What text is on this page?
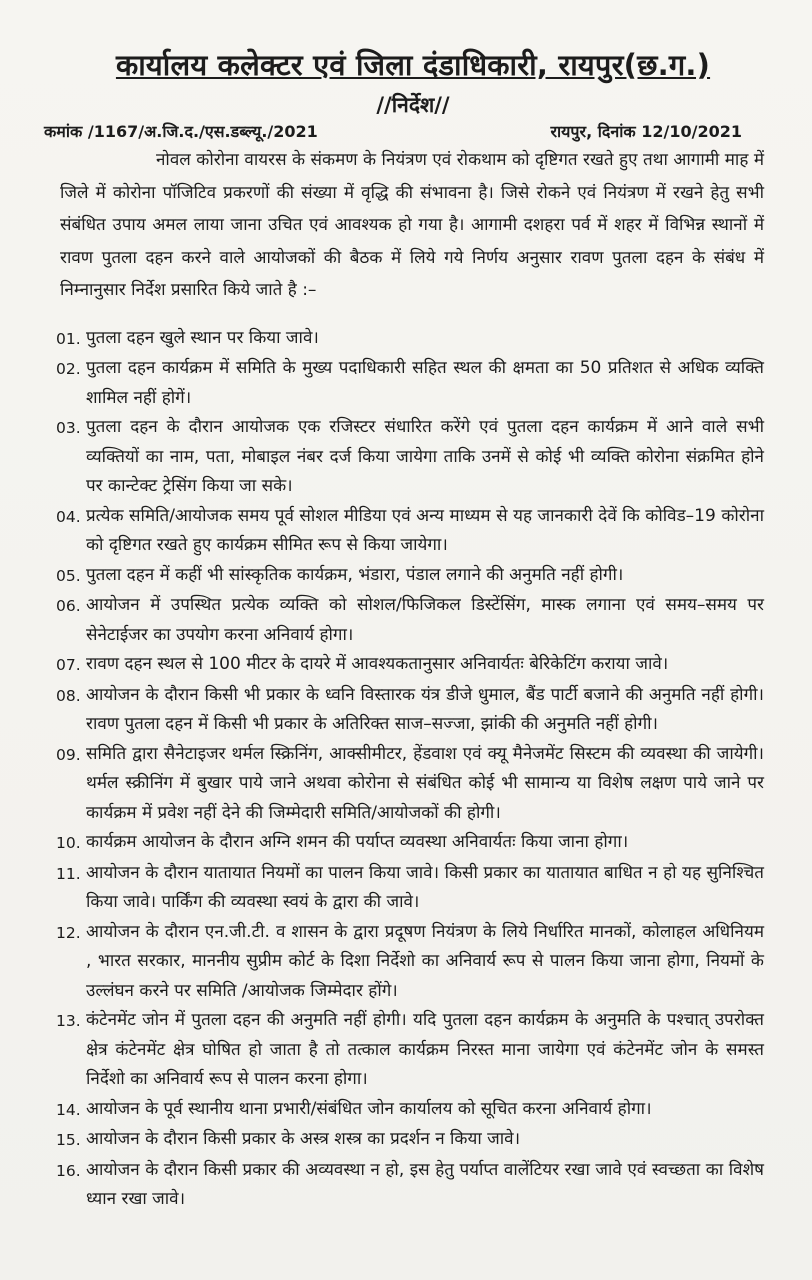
कार्यालय कलेक्टर एवं जिला दंडाधिकारी, रायपुर(छ.ग.)
//निर्देश//
कमांक /1167/अ.जि.द./एस.डब्ल्यू./2021	रायपुर, दिनांक 12/10/2021

नोवल कोरोना वायरस के संकमण के नियंत्रण एवं रोकथाम को दृष्टिगत रखते हुए तथा आगामी माह में जिले में कोरोना पॉजिटिव प्रकरणों की संख्या में वृद्धि की संभावना है। जिसे रोकने एवं नियंत्रण में रखने हेतु सभी संबंधित उपाय अमल लाया जाना उचित एवं आवश्यक हो गया है। आगामी दशहरा पर्व में शहर में विभिन्न स्थानों में रावण पुतला दहन करने वाले आयोजकों की बैठक में लिये गये निर्णय अनुसार रावण पुतला दहन के संबंध में निम्नानुसार निर्देश प्रसारित किये जाते है :–

01. पुतला दहन खुले स्थान पर किया जावे।
02. पुतला दहन कार्यक्रम में समिति के मुख्य पदाधिकारी सहित स्थल की क्षमता का 50 प्रतिशत से अधिक व्यक्ति शामिल नहीं होगें।
03. पुतला दहन के दौरान आयोजक एक रजिस्टर संधारित करेंगे एवं पुतला दहन कार्यक्रम में आने वाले सभी व्यक्तियों का नाम, पता, मोबाइल नंबर दर्ज किया जायेगा ताकि उनमें से कोई भी व्यक्ति कोरोना संक्रमित होने पर कान्टेक्ट ट्रेसिंग किया जा सके।
04. प्रत्येक समिति/आयोजक समय पूर्व सोशल मीडिया एवं अन्य माध्यम से यह जानकारी देवें कि कोविड–19 कोरोना को दृष्टिगत रखते हुए कार्यक्रम सीमित रूप से किया जायेगा।
05. पुतला दहन में कहीं भी सांस्कृतिक कार्यक्रम, भंडारा, पंडाल लगाने की अनुमति नहीं होगी।
06. आयोजन में उपस्थित प्रत्येक व्यक्ति को सोशल/फिजिकल डिस्टेंसिंग, मास्क लगाना एवं समय–समय पर सेनेटाईजर का उपयोग करना अनिवार्य होगा।
07. रावण दहन स्थल से 100 मीटर के दायरे में आवश्यकतानुसार अनिवार्यतः बेरिकेटिंग कराया जावे।
08. आयोजन के दौरान किसी भी प्रकार के ध्वनि विस्तारक यंत्र डीजे धुमाल, बैंड पार्टी बजाने की अनुमति नहीं होगी। रावण पुतला दहन में किसी भी प्रकार के अतिरिक्त साज–सज्जा, झांकी की अनुमति नहीं होगी।
09. समिति द्वारा सैनेटाइजर थर्मल स्क्रिनिंग, आक्सीमीटर, हेंडवाश एवं क्यू मैनेजमेंट सिस्टम की व्यवस्था की जायेगी। थर्मल स्क्रीनिंग में बुखार पाये जाने अथवा कोरोना से संबंधित कोई भी सामान्य या विशेष लक्षण पाये जाने पर कार्यक्रम में प्रवेश नहीं देने की जिम्मेदारी समिति/आयोजकों की होगी।
10. कार्यक्रम आयोजन के दौरान अग्नि शमन की पर्याप्त व्यवस्था अनिवार्यतः किया जाना होगा।
11. आयोजन के दौरान यातायात नियमों का पालन किया जावे। किसी प्रकार का यातायात बाधित न हो यह सुनिश्चित किया जावे। पार्किंग की व्यवस्था स्वयं के द्वारा की जावे।
12. आयोजन के दौरान एन.जी.टी. व शासन के द्वारा प्रदूषण नियंत्रण के लिये निर्धारित मानकों, कोलाहल अधिनियम , भारत सरकार, माननीय सुप्रीम कोर्ट के दिशा निर्देशो का अनिवार्य रूप से पालन किया जाना होगा, नियमों के उल्लंघन करने पर समिति /आयोजक जिम्मेदार होंगे।
13. कंटेनमेंट जोन में पुतला दहन की अनुमति नहीं होगी। यदि पुतला दहन कार्यक्रम के अनुमति के पश्चात् उपरोक्त क्षेत्र कंटेनमेंट क्षेत्र घोषित हो जाता है तो तत्काल कार्यक्रम निरस्त माना जायेगा एवं कंटेनमेंट जोन के समस्त निर्देशो का अनिवार्य रूप से पालन करना होगा।
14. आयोजन के पूर्व स्थानीय थाना प्रभारी/संबंधित जोन कार्यालय को सूचित करना अनिवार्य होगा।
15. आयोजन के दौरान किसी प्रकार के अस्त्र शस्त्र का प्रदर्शन न किया जावे।
16. आयोजन के दौरान किसी प्रकार की अव्यवस्था न हो, इस हेतु पर्याप्त वालेंटियर रखा जावे एवं स्वच्छता का विशेष ध्यान रखा जावे।
